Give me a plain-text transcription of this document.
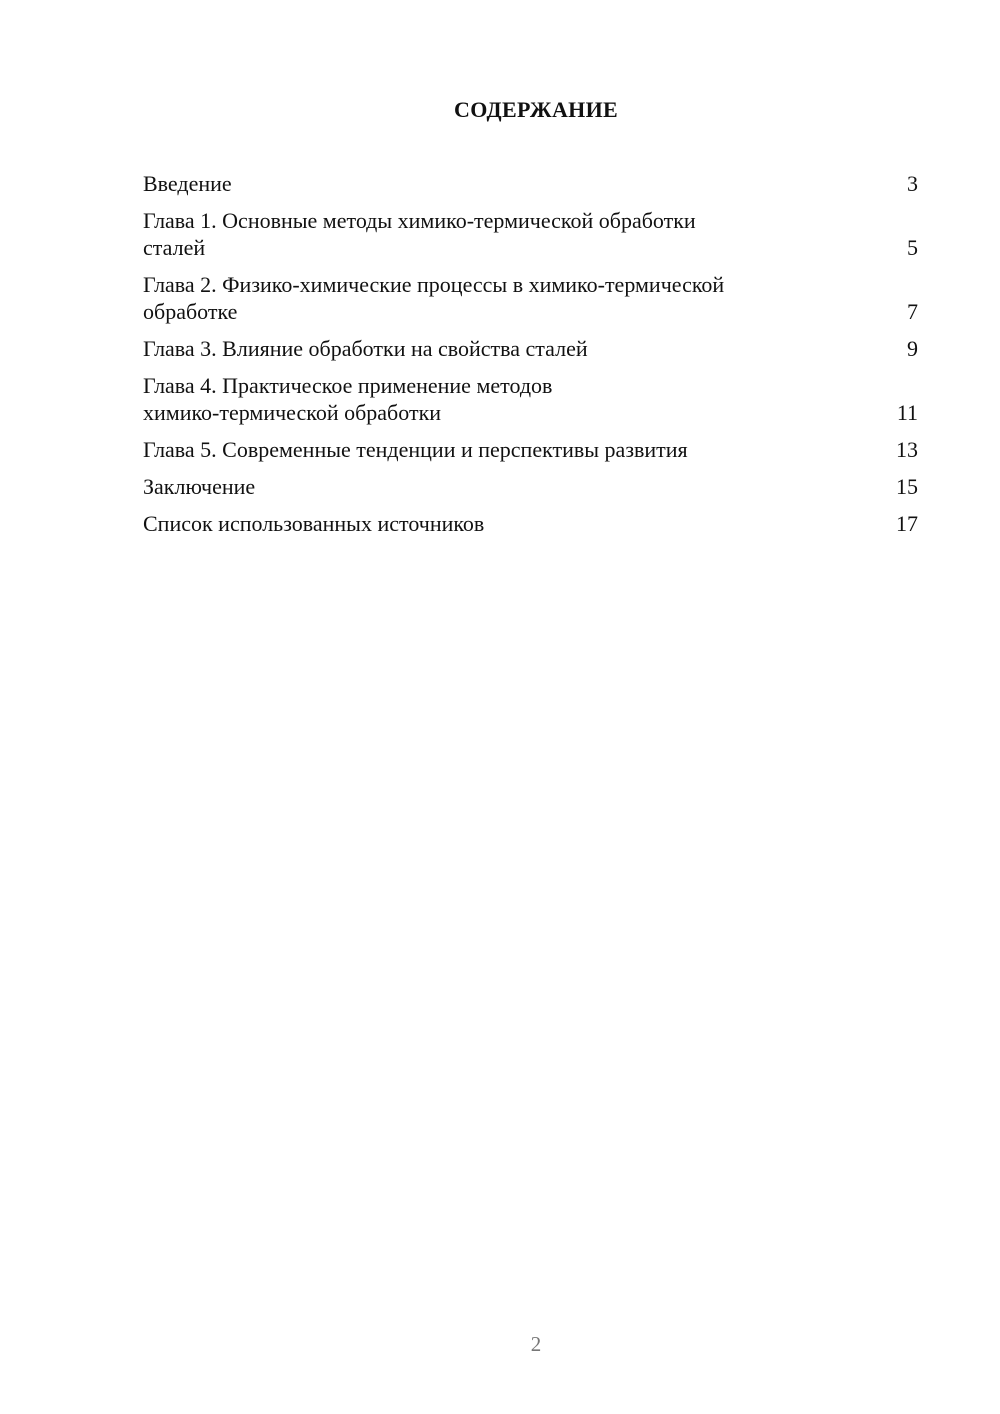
СОДЕРЖАНИЕ
Введение	3
Глава 1. Основные методы химико-термической обработки
сталей	5
Глава 2. Физико-химические процессы в химико-термической
обработке	7
Глава 3. Влияние обработки на свойства сталей	9
Глава 4. Практическое применение методов
химико-термической обработки	11
Глава 5. Современные тенденции и перспективы развития	13
Заключение	15
Список использованных источников	17
2
